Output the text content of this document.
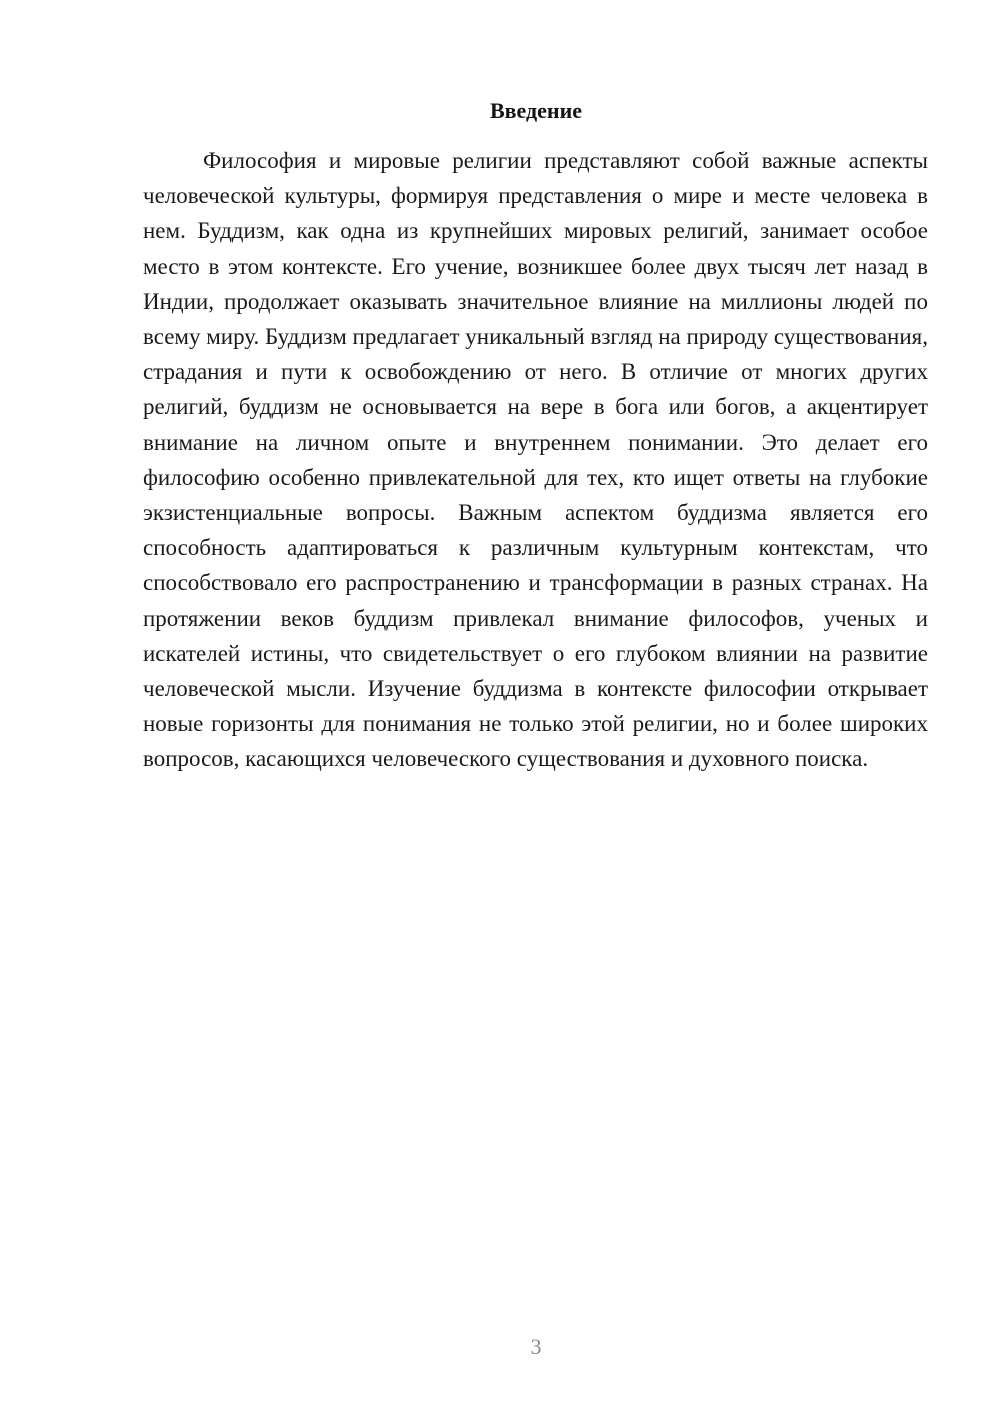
Введение

Философия и мировые религии представляют собой важные аспекты человеческой культуры, формируя представления о мире и месте человека в нем. Буддизм, как одна из крупнейших мировых религий, занимает особое место в этом контексте. Его учение, возникшее более двух тысяч лет назад в Индии, продолжает оказывать значительное влияние на миллионы людей по всему миру. Буддизм предлагает уникальный взгляд на природу существования, страдания и пути к освобождению от него. В отличие от многих других религий, буддизм не основывается на вере в бога или богов, а акцентирует внимание на личном опыте и внутреннем понимании. Это делает его философию особенно привлекательной для тех, кто ищет ответы на глубокие экзистенциальные вопросы. Важным аспектом буддизма является его способность адаптироваться к различным культурным контекстам, что способствовало его распространению и трансформации в разных странах. На протяжении веков буддизм привлекал внимание философов, ученых и искателей истины, что свидетельствует о его глубоком влиянии на развитие человеческой мысли. Изучение буддизма в контексте философии открывает новые горизонты для понимания не только этой религии, но и более широких вопросов, касающихся человеческого существования и духовного поиска.

3
